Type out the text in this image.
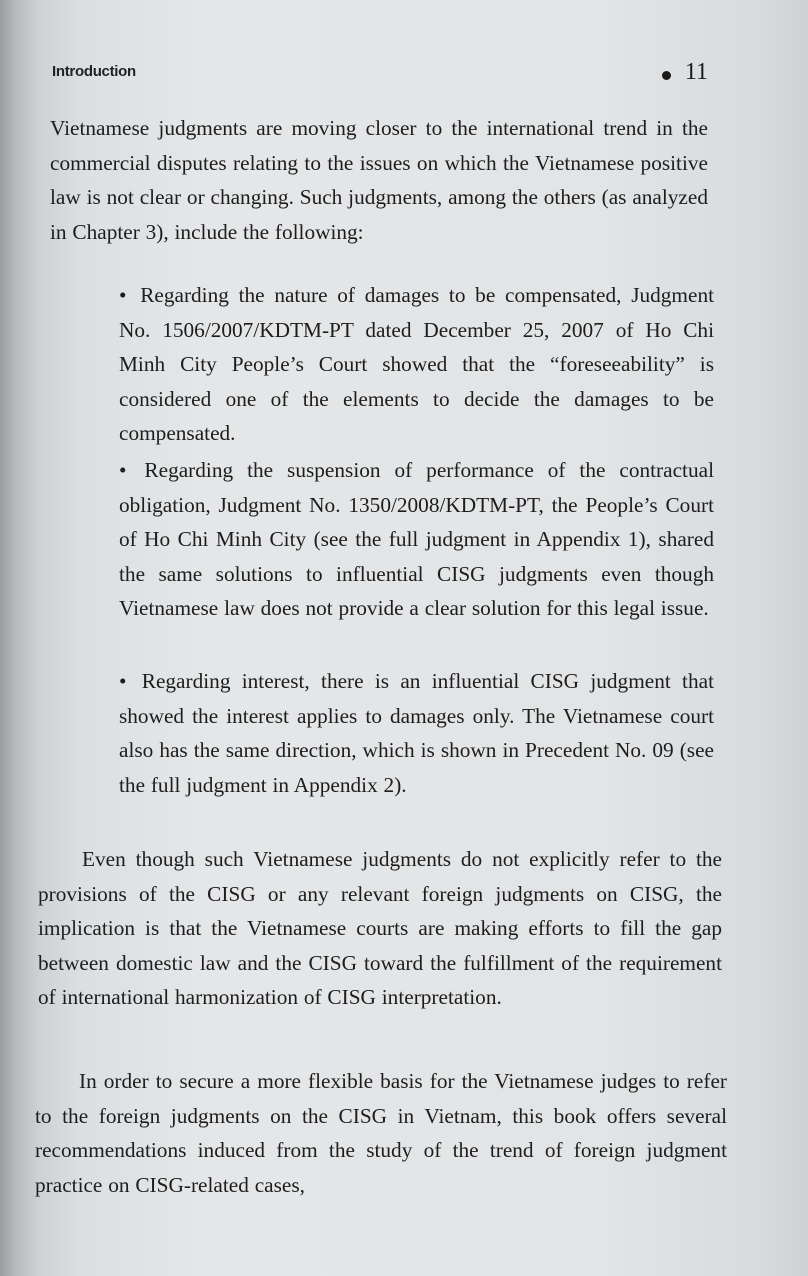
Introduction	11

Vietnamese judgments are moving closer to the international trend in the commercial disputes relating to the issues on which the Vietnamese positive law is not clear or changing. Such judgments, among the others (as analyzed in Chapter 3), include the following:

• Regarding the nature of damages to be compensated, Judgment No. 1506/2007/KDTM-PT dated December 25, 2007 of Ho Chi Minh City People’s Court showed that the “foreseeability” is considered one of the elements to decide the damages to be compensated.
• Regarding the suspension of performance of the contractual obligation, Judgment No. 1350/2008/KDTM-PT, the People’s Court of Ho Chi Minh City (see the full judgment in Appendix 1), shared the same solutions to influential CISG judgments even though Vietnamese law does not provide a clear solution for this legal issue.
• Regarding interest, there is an influential CISG judgment that showed the interest applies to damages only. The Vietnamese court also has the same direction, which is shown in Precedent No. 09 (see the full judgment in Appendix 2).

Even though such Vietnamese judgments do not explicitly refer to the provisions of the CISG or any relevant foreign judgments on CISG, the implication is that the Vietnamese courts are making efforts to fill the gap between domestic law and the CISG toward the fulfillment of the requirement of international harmonization of CISG interpretation.

In order to secure a more flexible basis for the Vietnamese judges to refer to the foreign judgments on the CISG in Vietnam, this book offers several recommendations induced from the study of the trend of foreign judgment practice on CISG-related cases,
